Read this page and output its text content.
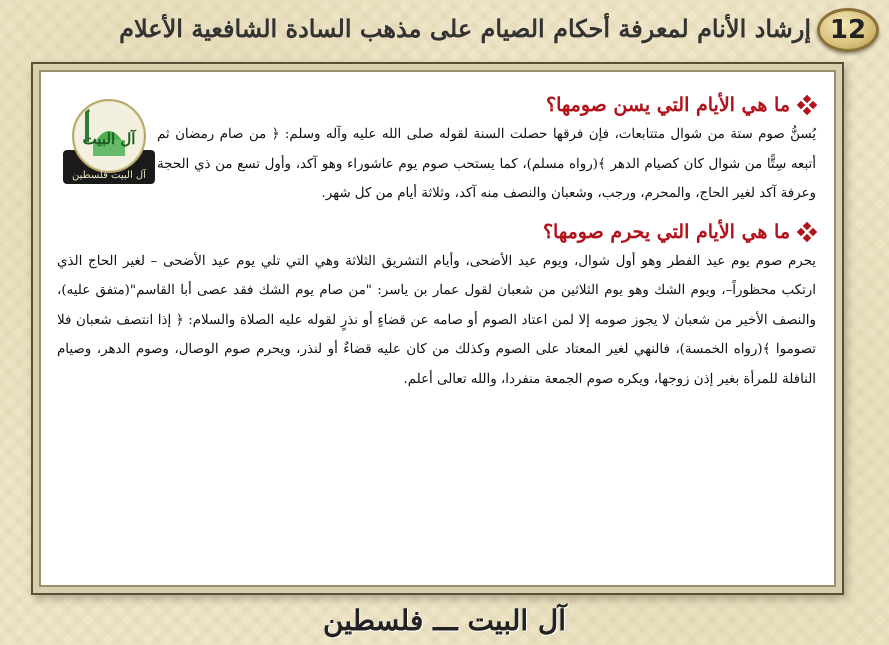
إرشاد الأنام لمعرفة أحكام الصيام على مذهب السادة الشافعية الأعلام 12
آل البيت
آل البيت فلسطين
ما هي الأيام التي يسن صومها؟

يُسنُّ صوم ستة من شوال متتابعات، فإن فرقها حصلت السنة لقوله صلى الله عليه وآله وسلم: ﴿ من صام رمضان ثم أتبعه سِتًّا من شوال كان كصيام الدهر ﴾(رواه مسلم)، كما يستحب صوم يوم عاشوراء وهو آكد، وأول تسع من ذي الحجة وعرفة آكد لغير الحاج، والمحرم، ورجب، وشعبان والنصف منه آكد، وثلاثة أيام من كل شهر.

ما هي الأيام التي يحرم صومها؟

يحرم صوم يوم عيد الفطر وهو أول شوال، ويوم عيد الأضحى، وأيام التشريق الثلاثة وهي التي تلي يوم عيد الأضحى – لغير الحاج الذي ارتكب محظوراً–، ويوم الشك وهو يوم الثلاثين من شعبان لقول عمار بن ياسر: "من صام يوم الشك فقد عصى أبا القاسم"(متفق عليه)، والنصف الأخير من شعبان لا يجوز صومه إلا لمن اعتاد الصوم أو صامه عن قضاءٍ أو نذرٍ لقوله عليه الصلاة والسلام: ﴿ إذا انتصف شعبان فلا تصوموا ﴾(رواه الخمسة)، فالنهي لغير المعتاد على الصوم وكذلك من كان عليه قضاءٌ أو لنذر، ويحرم صوم الوصال، وصوم الدهر، وصيام النافلة للمرأة بغير إذن زوجها، ويكره صوم الجمعة منفردا، والله تعالى أعلم.

آل البيت ـــ فلسطين
